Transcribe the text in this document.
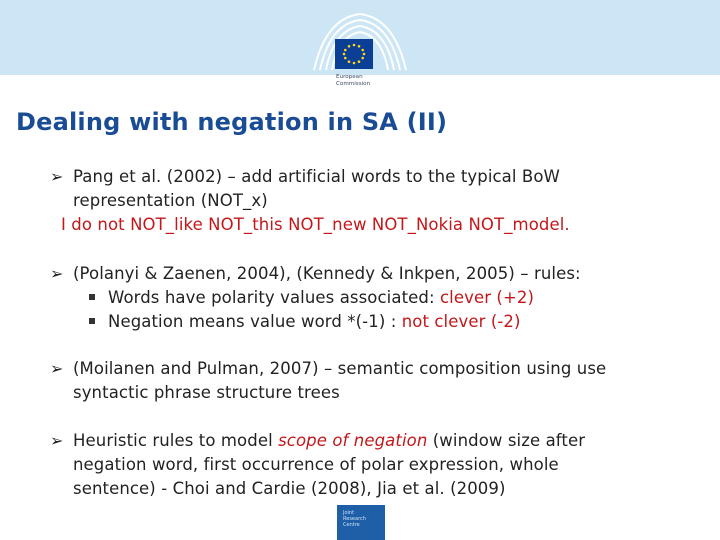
European
Commission
Dealing with negation in SA (II)
➢ Pang et al. (2002) – add artificial words to the typical BoW
representation (NOT_x)
I do not NOT_like NOT_this NOT_new NOT_Nokia NOT_model.
➢ (Polanyi & Zaenen, 2004), (Kennedy & Inkpen, 2005) – rules:
Words have polarity values associated: clever (+2)
Negation means value word *(-1) : not clever (-2)
➢ (Moilanen and Pulman, 2007) – semantic composition using use
syntactic phrase structure trees
➢ Heuristic rules to model scope of negation (window size after
negation word, first occurrence of polar expression, whole
sentence) - Choi and Cardie (2008), Jia et al. (2009)
Joint
Research
Centre
